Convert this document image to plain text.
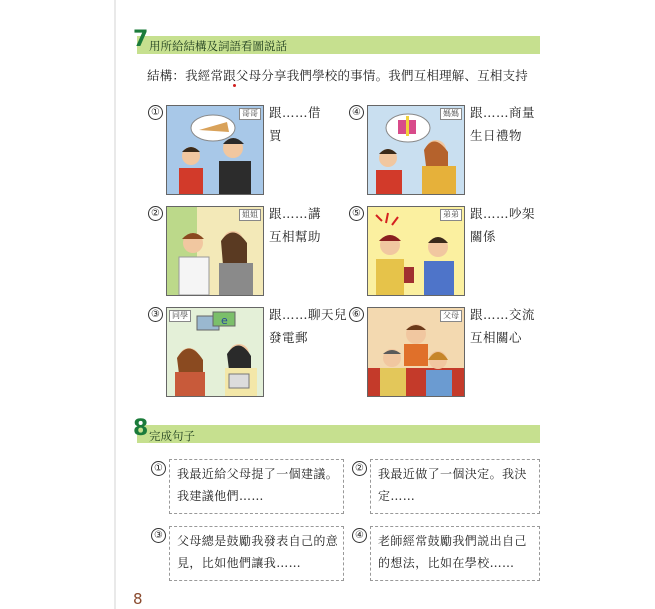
7 用所給結構及詞語看圖説話
結構：我經常跟父母分享我們學校的事情。我們互相理解、互相支持
①	哥哥 跟……借
買
④	媽媽 跟……商量
生日禮物
②	姐姐 跟……講
互相幫助
⑤	弟弟 跟……吵架
關係
③	e
同學	跟……聊天兒
發電郵
⑥	父母 跟……交流
互相關心
8 完成句子
① 我最近給父母提了一個建議。我建議他們……
② 我最近做了一個決定。我決定……
③ 父母總是鼓勵我發表自己的意見，比如他們讓我……
④ 老師經常鼓勵我們説出自己的想法，比如在學校……
8
